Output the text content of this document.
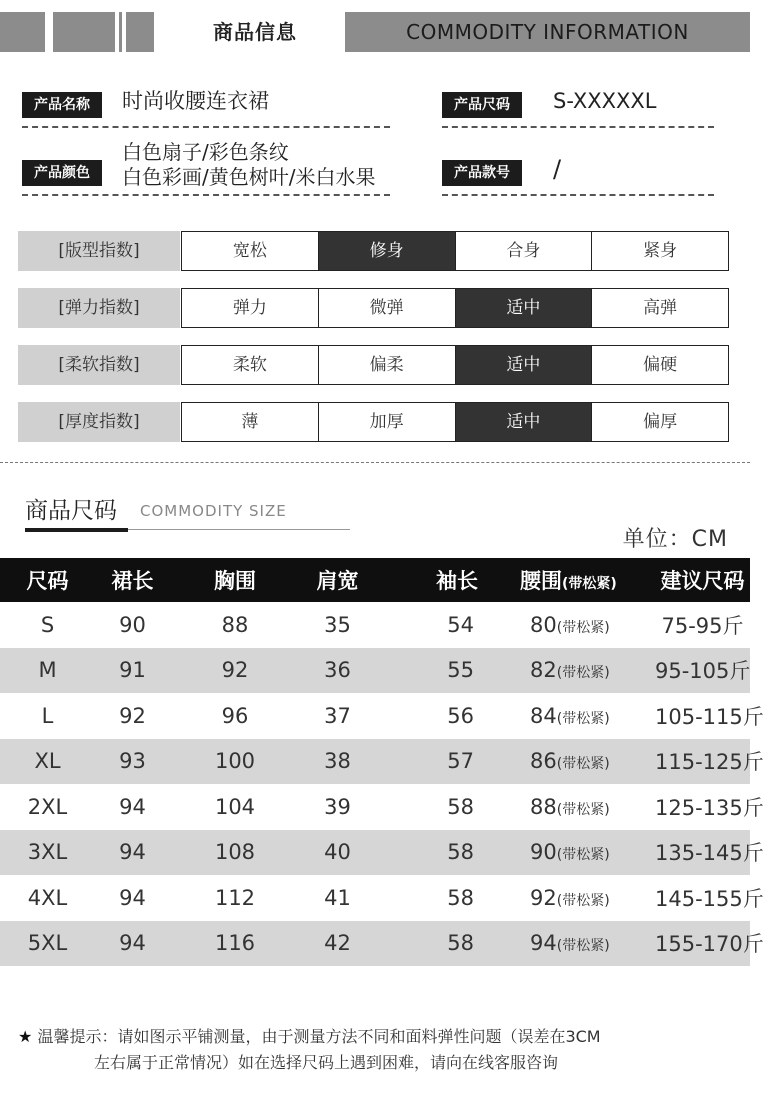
商品信息	COMMODITY INFORMATION
产品名称	时尚收腰连衣裙	产品尺码	S-XXXXXL
产品颜色
白色扇子/彩色条纹
白色彩画/黄色树叶/米白水果	产品款号	/
[版型指数]	宽松	修身	合身	紧身
[弹力指数]	弹力	微弹	适中	高弹
[柔软指数]	柔软	偏柔	适中	偏硬
[厚度指数]	薄	加厚	适中	偏厚
商品尺码 COMMODITY SIZE
单位：CM
尺码	裙长	胸围	肩宽	袖长	腰围(带松紧)	建议尺码
S	90	88	35	54	80(带松紧)	75-95斤
M	91	92	36	55	82(带松紧)	95-105斤
L	92	96	37	56	84(带松紧)	105-115斤
XL	93	100	38	57	86(带松紧)	115-125斤
2XL	94	104	39	58	88(带松紧)	125-135斤
3XL	94	108	40	58	90(带松紧)	135-145斤
4XL	94	112	41	58	92(带松紧)	145-155斤
5XL	94	116	42	58	94(带松紧)	155-170斤
★ 温馨提示：请如图示平铺测量，由于测量方法不同和面料弹性问题（误差在3CM
左右属于正常情况）如在选择尺码上遇到困难，请向在线客服咨询
